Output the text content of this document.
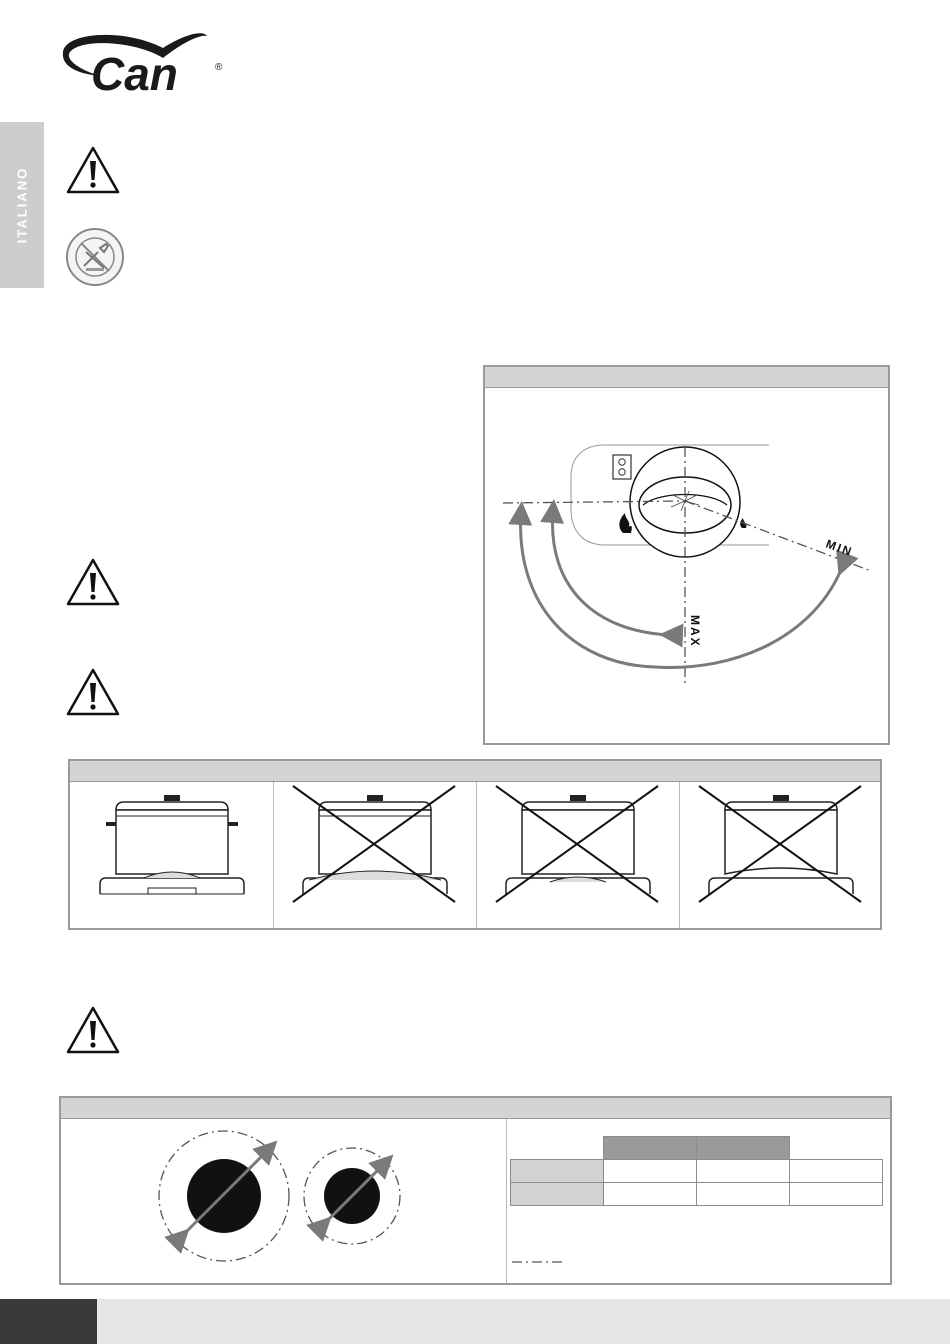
Can	®
ITALIANO
MAX
MIN
